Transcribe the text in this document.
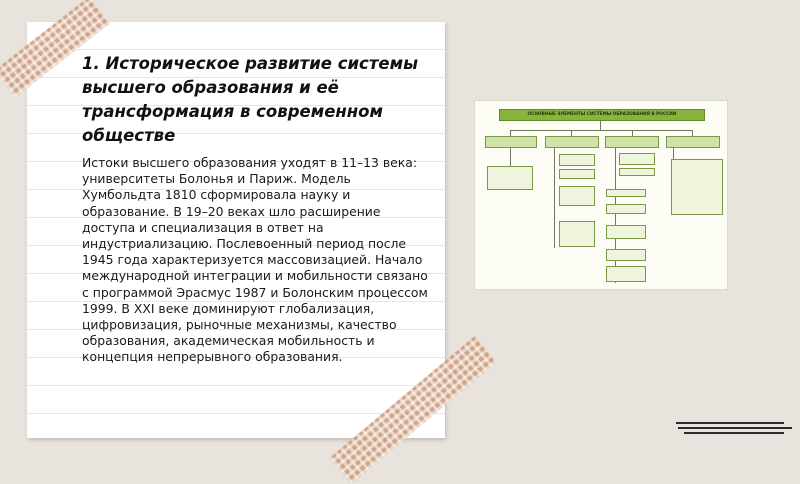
1. Историческое развитие системы высшего образования и её трансформация в современном обществе

Истоки высшего образования уходят в 11–13 века: университеты Болонья и Париж. Модель Хумбольдта 1810 сформировала науку и образование. В 19–20 веках шло расширение доступа и специализация в ответ на индустриализацию. Послевоенный период после 1945 года характеризуется массовизацией. Начало международной интеграции и мобильности связано с программой Эрасмус 1987 и Болонским процессом 1999. В XXI веке доминируют глобализация, цифровизация, рыночные механизмы, качество образования, академическая мобильность и концепция непрерывного образования.

ОСНОВНЫЕ ЭЛЕМЕНТЫ СИСТЕМЫ ОБРАЗОВАНИЯ В РОССИИ
